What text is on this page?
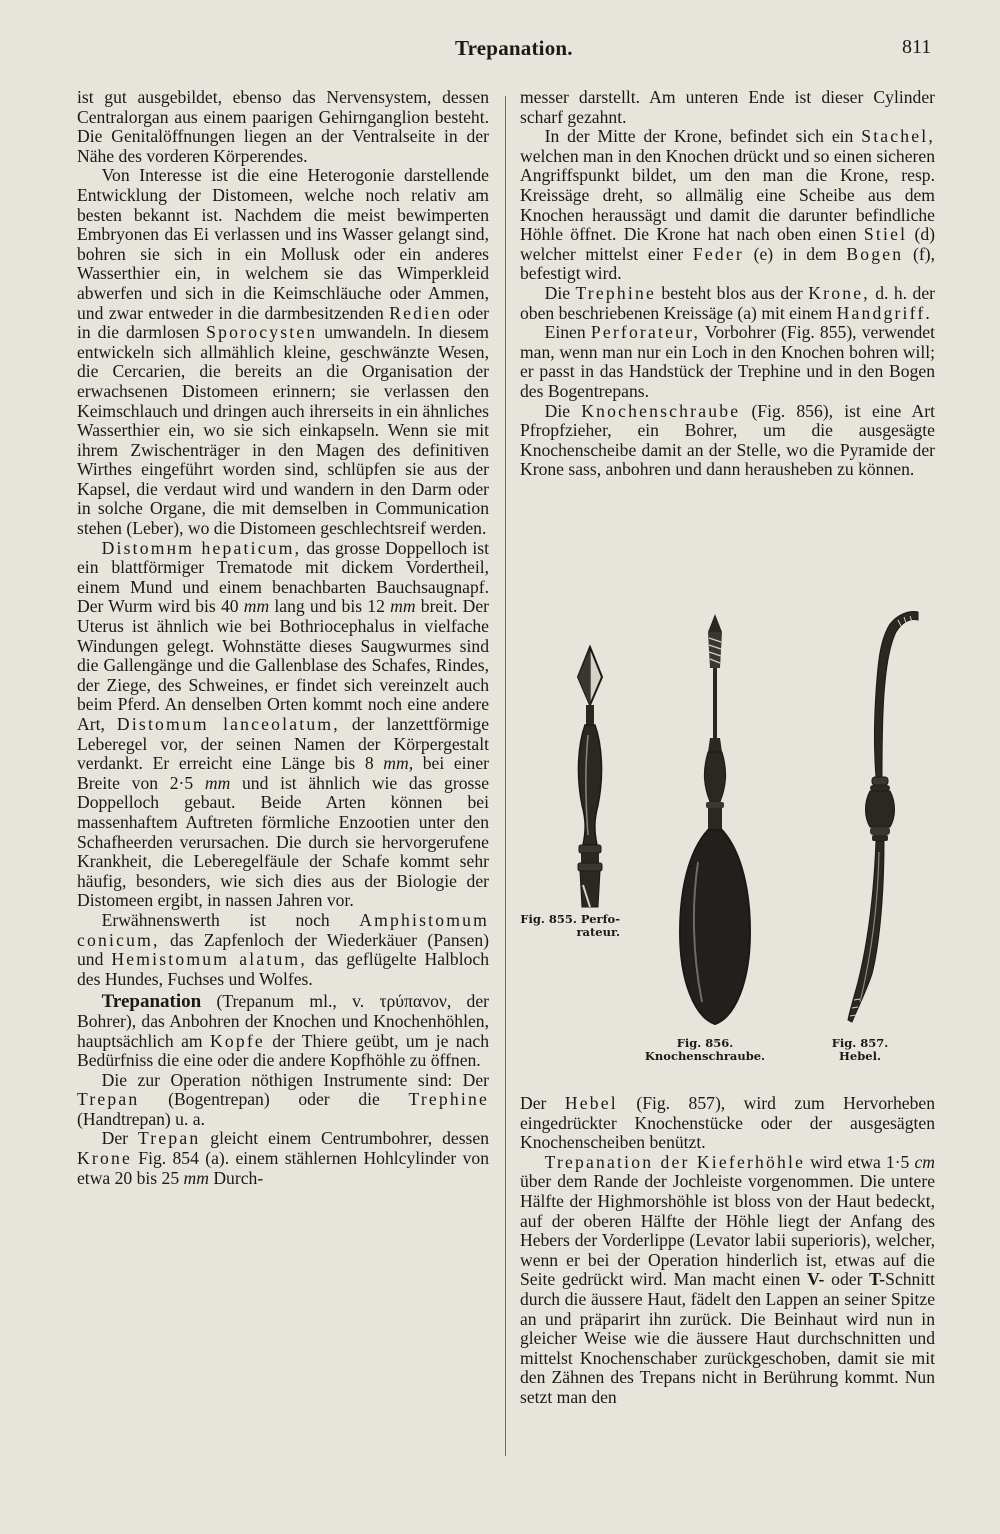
Trepanation.	811

ist gut ausgebildet, ebenso das Nervensystem, dessen Centralorgan aus einem paarigen Gehirnganglion besteht. Die Genitalöffnungen liegen an der Ventralseite in der Nähe des vorderen Körperendes.

Von Interesse ist die eine Heterogonie darstellende Entwicklung der Distomeen, welche noch relativ am besten bekannt ist. Nachdem die meist bewimperten Embryonen das Ei verlassen und ins Wasser gelangt sind, bohren sie sich in ein Mollusk oder ein anderes Wasserthier ein, in welchem sie das Wimperkleid abwerfen und sich in die Keimschläuche oder Ammen, und zwar entweder in die darmbesitzenden Redien oder in die darmlosen Sporocysten umwandeln. In diesem entwickeln sich allmählich kleine, geschwänzte Wesen, die Cercarien, die bereits an die Organisation der erwachsenen Distomeen erinnern; sie verlassen den Keimschlauch und dringen auch ihrerseits in ein ähnliches Wasserthier ein, wo sie sich einkapseln. Wenn sie mit ihrem Zwischenträger in den Magen des definitiven Wirthes eingeführt worden sind, schlüpfen sie aus der Kapsel, die verdaut wird und wandern in den Darm oder in solche Organe, die mit demselben in Communication stehen (Leber), wo die Distomeen geschlechtsreif werden.

Distomнm hepaticum, das grosse Doppelloch ist ein blattförmiger Trematode mit dickem Vordertheil, einem Mund und einem benachbarten Bauchsaugnapf. Der Wurm wird bis 40 mm lang und bis 12 mm breit. Der Uterus ist ähnlich wie bei Bothriocephalus in vielfache Windungen gelegt. Wohnstätte dieses Saugwurmes sind die Gallengänge und die Gallenblase des Schafes, Rindes, der Ziege, des Schweines, er findet sich vereinzelt auch beim Pferd. An denselben Orten kommt noch eine andere Art, Distomum lanceolatum, der lanzettförmige Leberegel vor, der seinen Namen der Körpergestalt verdankt. Er erreicht eine Länge bis 8 mm, bei einer Breite von 2·5 mm und ist ähnlich wie das grosse Doppelloch gebaut. Beide Arten können bei massenhaftem Auftreten förmliche Enzootien unter den Schafheerden verursachen. Die durch sie hervorgerufene Krankheit, die Leberegelfäule der Schafe kommt sehr häufig, besonders, wie sich dies aus der Biologie der Distomeen ergibt, in nassen Jahren vor.

Erwähnenswerth ist noch Amphistomum conicum, das Zapfenloch der Wiederkäuer (Pansen) und Hemistomum alatum, das geflügelte Halbloch des Hundes, Fuchses und Wolfes.

Trepanation (Trepanum ml., v. τρύπανον, der Bohrer), das Anbohren der Knochen und Knochenhöhlen, hauptsächlich am Kopfe der Thiere geübt, um je nach Bedürfniss die eine oder die andere Kopfhöhle zu öffnen.

Die zur Operation nöthigen Instrumente sind: Der Trepan (Bogentrepan) oder die Trephine (Handtrepan) u. a.

Der Trepan gleicht einem Centrumbohrer, dessen Krone Fig. 854 (a). einem stählernen Hohlcylinder von etwa 20 bis 25 mm Durch-

messer darstellt. Am unteren Ende ist dieser Cylinder scharf gezahnt.

In der Mitte der Krone, befindet sich ein Stachel, welchen man in den Knochen drückt und so einen sicheren Angriffspunkt bildet, um den man die Krone, resp. Kreissäge dreht, so allmälig eine Scheibe aus dem Knochen heraussägt und damit die darunter befindliche Höhle öffnet. Die Krone hat nach oben einen Stiel (d) welcher mittelst einer Feder (e) in dem Bogen (f), befestigt wird.

Die Trephine besteht blos aus der Krone, d. h. der oben beschriebenen Kreissäge (a) mit einem Handgriff.

Einen Perforateur, Vorbohrer (Fig. 855), verwendet man, wenn man nur ein Loch in den Knochen bohren will; er passt in das Handstück der Trephine und in den Bogen des Bogentrepans.

Die Knochenschraube (Fig. 856), ist eine Art Pfropfzieher, ein Bohrer, um die ausgesägte Knochenscheibe damit an der Stelle, wo die Pyramide der Krone sass, anbohren und dann herausheben zu können.

Fig. 855. Perfo-
rateur.
Fig. 856.
Knochenschraube.
Fig. 857.
Hebel.

Der Hebel (Fig. 857), wird zum Hervorheben eingedrückter Knochenstücke oder der ausgesägten Knochenscheiben benützt.

Trepanation der Kieferhöhle wird etwa 1·5 cm über dem Rande der Jochleiste vorgenommen. Die untere Hälfte der Highmorshöhle ist bloss von der Haut bedeckt, auf der oberen Hälfte der Höhle liegt der Anfang des Hebers der Vorderlippe (Levator labii superioris), welcher, wenn er bei der Operation hinderlich ist, etwas auf die Seite gedrückt wird. Man macht einen V- oder T-Schnitt durch die äussere Haut, fädelt den Lappen an seiner Spitze an und präparirt ihn zurück. Die Beinhaut wird nun in gleicher Weise wie die äussere Haut durchschnitten und mittelst Knochenschaber zurückgeschoben, damit sie mit den Zähnen des Trepans nicht in Berührung kommt. Nun setzt man den
